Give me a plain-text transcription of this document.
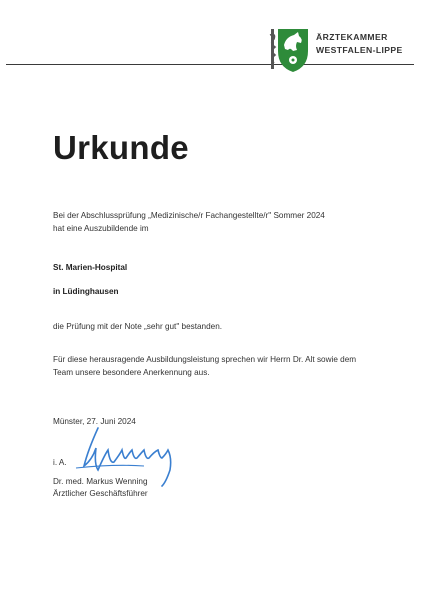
ÄRZTEKAMMER
WESTFALEN-LIPPE
Urkunde
Bei der Abschlussprüfung „Medizinische/r Fachangestellte/r" Sommer 2024
hat eine Auszubildende im
St. Marien-Hospital
in Lüdinghausen
die Prüfung mit der Note „sehr gut" bestanden.
Für diese herausragende Ausbildungsleistung sprechen wir Herrn Dr. Alt sowie dem
Team unsere besondere Anerkennung aus.
Münster, 27. Juni 2024
i. A.
Dr. med. Markus Wenning
Ärztlicher Geschäftsführer
